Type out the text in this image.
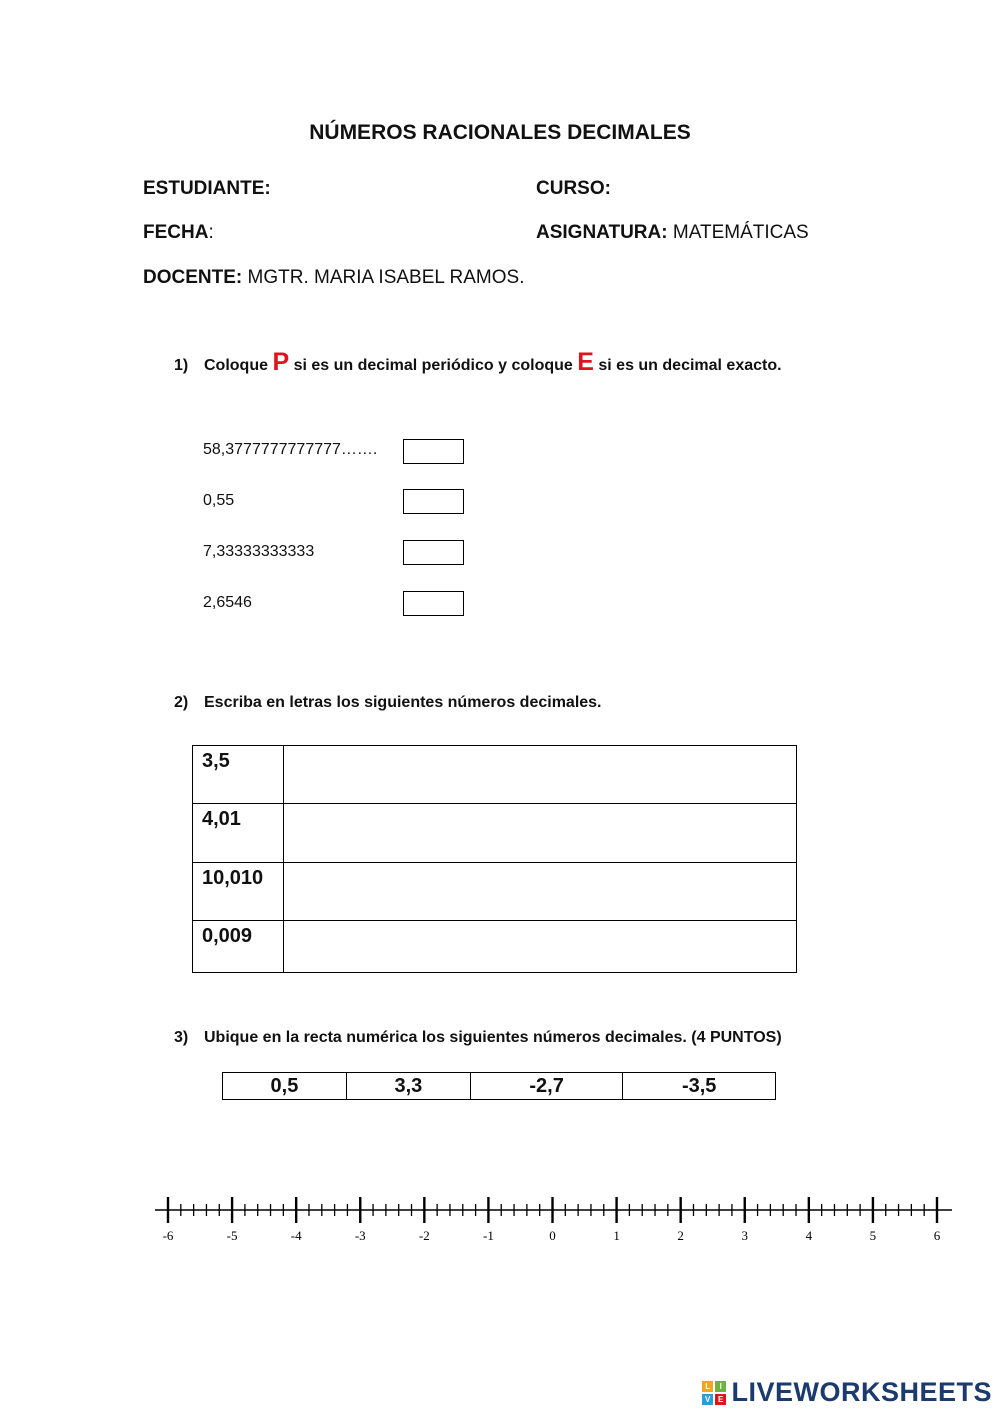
NÚMEROS RACIONALES DECIMALES
ESTUDIANTE:	CURSO:
FECHA:	ASIGNATURA: MATEMÁTICAS
DOCENTE: MGTR. MARIA ISABEL RAMOS.
1) Coloque P si es un decimal periódico y coloque E si es un decimal exacto.
58,3777777777777…….
0,55
7,33333333333
2,6546
2) Escriba en letras los siguientes números decimales.
3,5	
4,01	
10,010	
0,009	
3) Ubique en la recta numérica los siguientes números decimales. (4 PUNTOS)
0,5	3,3	-2,7	-3,5
-6	-5	-4	-3	-2	-1	0	1	2	3	4	5	6
L	I
V E LIVEWORKSHEETS
